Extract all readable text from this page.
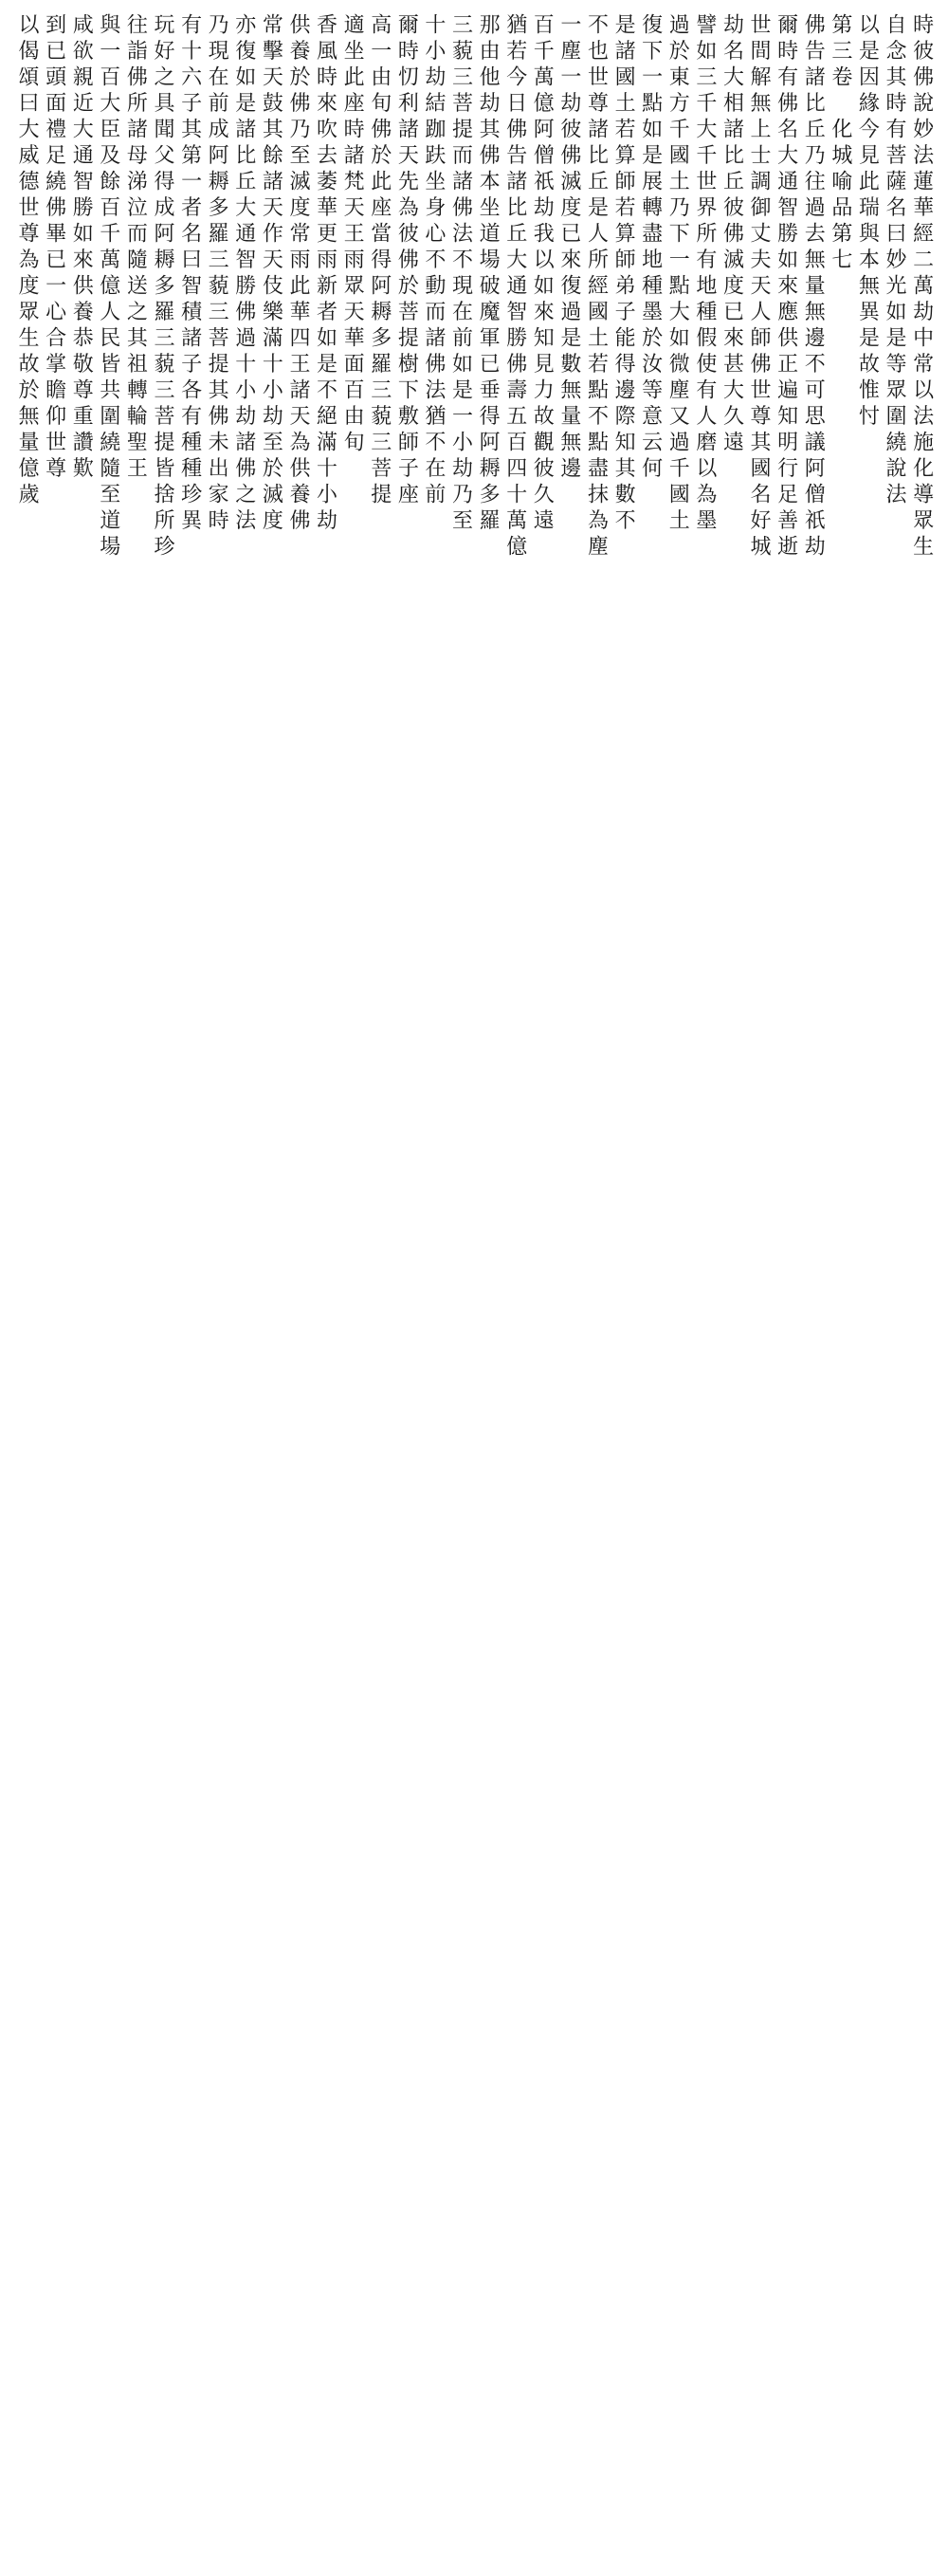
時彼佛說妙法蓮華經二萬劫中常以法施化導眾生
自念其時有菩薩名曰妙光如是等眾圍繞說法
以是因緣今見此瑞與本無異是故惟忖
第三卷　化城喻品第七
佛告諸比丘乃往過去無量無邊不可思議阿僧祇劫
爾時有佛名大通智勝如來應供正遍知明行足善逝
世間解無上士調御丈夫天人師佛世尊其國名好城
劫名大相諸比丘彼佛滅度已來甚大久遠
譬如三千大千世界所有地種假使有人磨以為墨
過於東方千國土乃下一點大如微塵又過千國土
復下一點如是展轉盡地種墨於汝等意云何
是諸國土若算師若算師弟子能得邊際知其數不
不也世尊諸比丘是人所經國土若點不點盡抹為塵
一塵一劫彼佛滅度已來復過是數無量無邊
百千萬億阿僧祇劫我以如來知見力故觀彼久遠
猶若今日佛告諸比丘大通智勝佛壽五百四十萬億
那由他劫其佛本坐道場破魔軍已垂得阿耨多羅
三藐三菩提而諸佛法不現在前如是一小劫乃至
十小劫結跏趺坐身心不動而諸佛法猶不在前
爾時忉利諸天先為彼佛於菩提樹下敷師子座
高一由旬佛於此座當得阿耨多羅三藐三菩提
適坐此座時諸梵天王雨眾天華面百由旬
香風時來吹去萎華更雨新者如是不絕滿十小劫
供養於佛乃至滅度常雨此華四王諸天為供養佛
常擊天鼓其餘諸天作天伎樂滿十小劫至於滅度
亦復如是諸比丘大通智勝佛過十小劫諸佛之法
乃現在前成阿耨多羅三藐三菩提其佛未出家時
有十六子其第一者名曰智積諸子各有種種珍異
玩好之具聞父得成阿耨多羅三藐三菩提皆捨所珍
往詣佛所諸母涕泣而隨送之其祖轉輪聖王
與一百大臣及餘百千萬億人民皆共圍繞隨至道場
咸欲親近大通智勝如來供養恭敬尊重讚歎
到已頭面禮足繞佛畢已一心合掌瞻仰世尊
以偈頌曰大威德世尊為度眾生故於無量億歲
